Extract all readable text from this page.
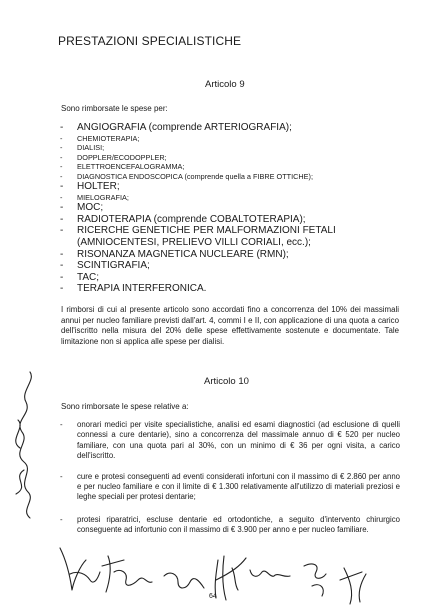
PRESTAZIONI SPECIALISTICHE
Articolo 9
Sono rimborsate le spese per:
- ANGIOGRAFIA (comprende ARTERIOGRAFIA);
- CHEMIOTERAPIA;
- DIALISI;
- DOPPLER/ECODOPPLER;
- ELETTROENCEFALOGRAMMA;
- DIAGNOSTICA ENDOSCOPICA (comprende quella a FIBRE OTTICHE);
- HOLTER;
- MIELOGRAFIA;
- MOC;
- RADIOTERAPIA (comprende COBALTOTERAPIA);
- RICERCHE GENETICHE PER MALFORMAZIONI FETALI
(AMNIOCENTESI, PRELIEVO VILLI CORIALI, ecc.);
- RISONANZA MAGNETICA NUCLEARE (RMN);
- SCINTIGRAFIA;
- TAC;
- TERAPIA INTERFERONICA.
I rimborsi di cui al presente articolo sono accordati fino a concorrenza del 10% dei massimali annui per nucleo familiare previsti dall'art. 4, commi I e II, con applicazione di una quota a carico dell'iscritto nella misura del 20% delle spese effettivamente sostenute e documentate. Tale limitazione non si applica alle spese per dialisi.
Articolo 10
Sono rimborsate le spese relative a:
- onorari medici per visite specialistiche, analisi ed esami diagnostici (ad esclusione di quelli connessi a cure dentarie), sino a concorrenza del massimale annuo di € 520 per nucleo familiare, con una quota pari al 30%, con un minimo di € 36 per ogni visita, a carico dell'iscritto.
- cure e protesi conseguenti ad eventi considerati infortuni con il massimo di € 2.860 per anno e per nucleo familiare e con il limite di € 1.300 relativamente all'utilizzo di materiali preziosi e leghe speciali per protesi dentarie;
- protesi riparatrici, escluse dentarie ed ortodontiche, a seguito d'intervento chirurgico conseguente ad infortunio con il massimo di € 3.900 per anno e per nucleo familiare.
64
